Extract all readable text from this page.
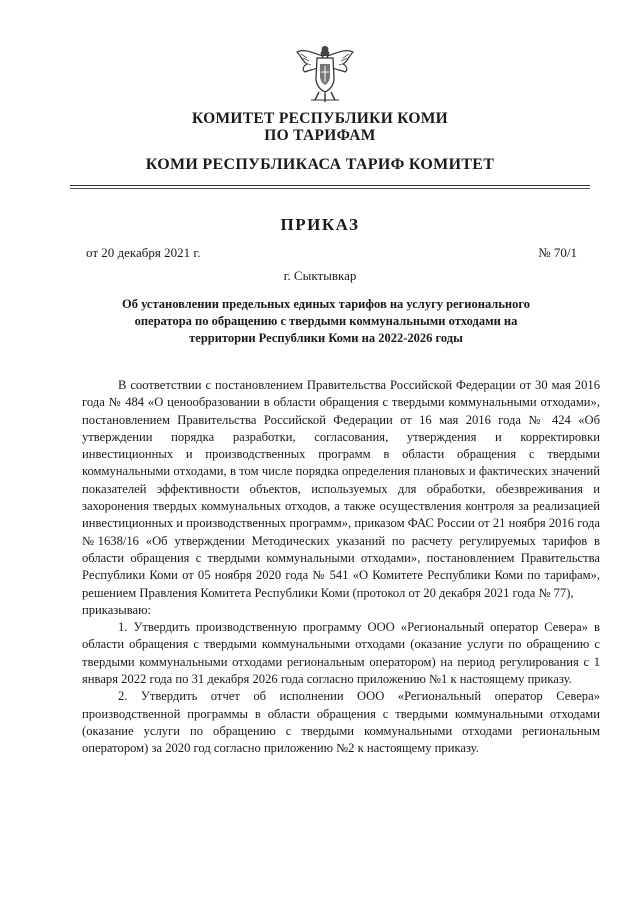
КОМИТЕТ РЕСПУБЛИКИ КОМИ
ПО ТАРИФАМ
КОМИ РЕСПУБЛИКАСА ТАРИФ КОМИТЕТ
ПРИКАЗ
от 20 декабря 2021 г.	№ 70/1
г. Сыктывкар
Об установлении предельных единых тарифов на услугу регионального
оператора по обращению с твердыми коммунальными отходами на
территории Республики Коми на 2022-2026 годы

В соответствии с постановлением Правительства Российской Федерации от 30 мая 2016 года № 484 «О ценообразовании в области обращения с твердыми коммунальными отходами», постановлением Правительства Российской Федерации от 16 мая 2016 года № 424 «Об утверждении порядка разработки, согласования, утверждения и корректировки инвестиционных и производственных программ в области обращения с твердыми коммунальными отходами, в том числе порядка определения плановых и фактических значений показателей эффективности объектов, используемых для обработки, обезвреживания и захоронения твердых коммунальных отходов, а также осуществления контроля за реализацией инвестиционных и производственных программ», приказом ФАС России от 21 ноября 2016 года №1638/16 «Об утверждении Методических указаний по расчету регулируемых тарифов в области обращения с твердыми коммунальными отходами», постановлением Правительства Республики Коми от 05 ноября 2020 года № 541 «О Комитете Республики Коми по тарифам», решением Правления Комитета Республики Коми (протокол от 20 декабря 2021 года № 77),
приказываю:

1. Утвердить производственную программу ООО «Региональный оператор Севера» в области обращения с твердыми коммунальными отходами (оказание услуги по обращению с твердыми коммунальными отходами региональным оператором) на период регулирования с 1 января 2022 года по 31 декабря 2026 года согласно приложению №1 к настоящему приказу.

2. Утвердить отчет об исполнении ООО «Региональный оператор Севера» производственной программы в области обращения с твердыми коммунальными отходами (оказание услуги по обращению с твердыми коммунальными отходами региональным оператором) за 2020 год согласно приложению №2 к настоящему приказу.
